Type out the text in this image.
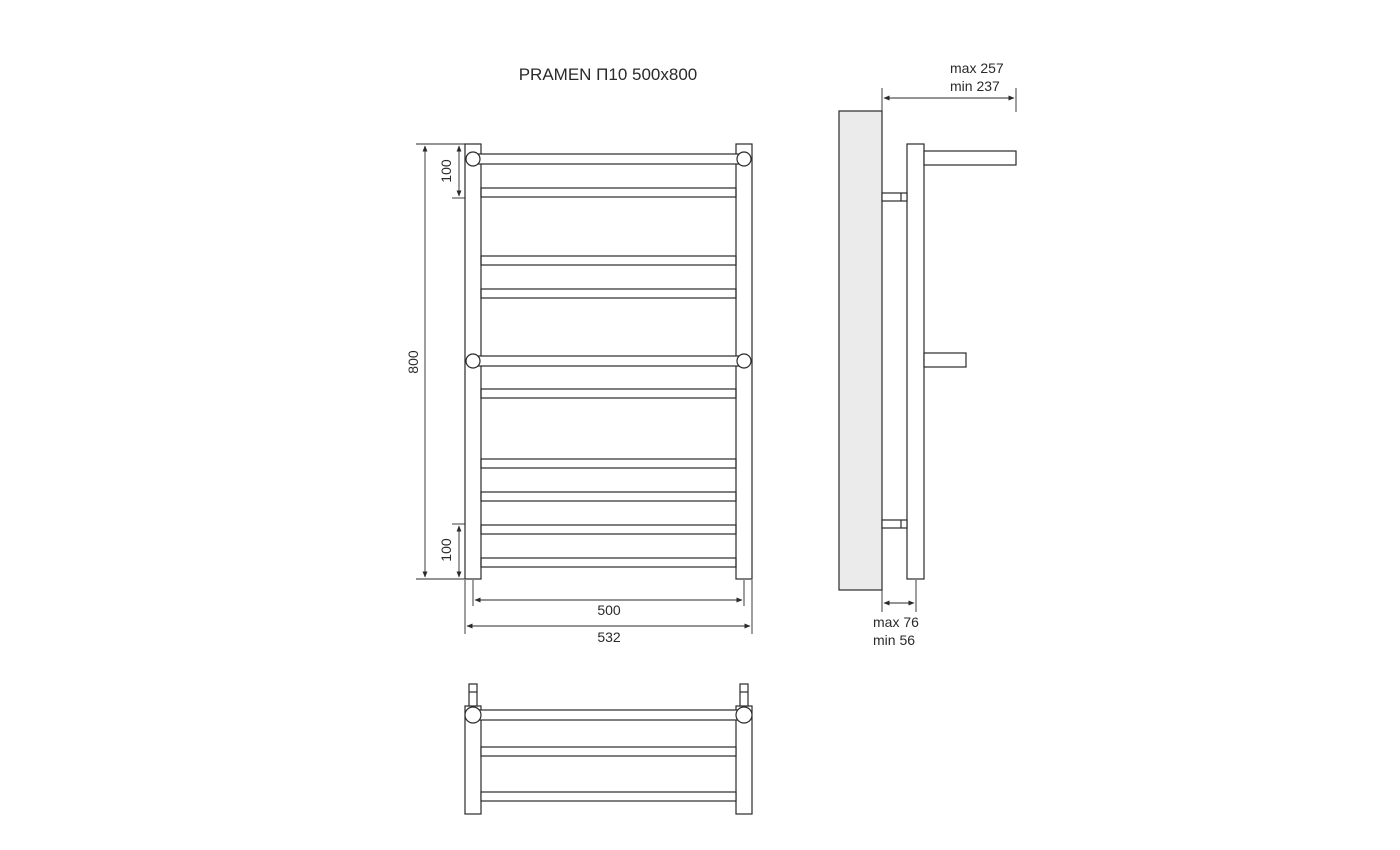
PRAMEN П10 500x800
800
100
100
500
532
max 257
min 237
max 76
min 56
